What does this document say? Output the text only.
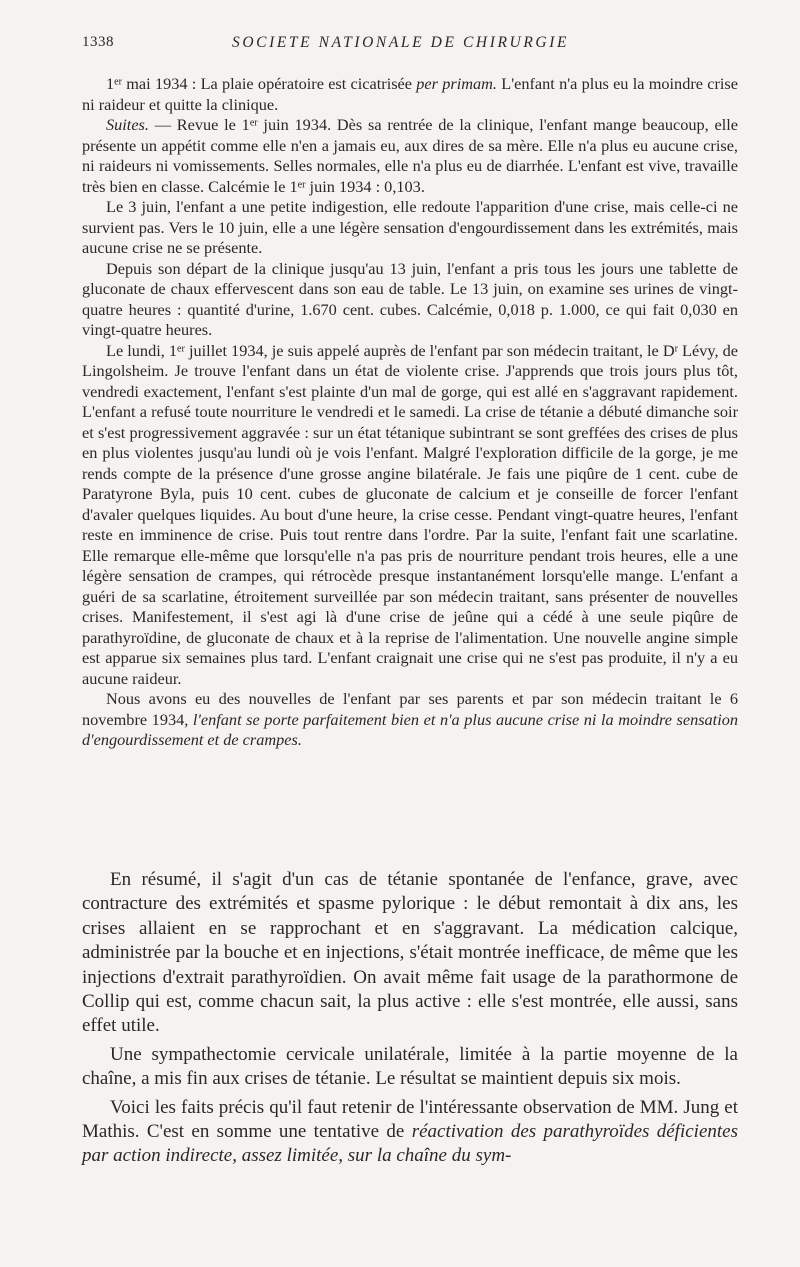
1338	SOCIETE NATIONALE DE CHIRURGIE

1er mai 1934 : La plaie opératoire est cicatrisée per primam. L'enfant n'a plus eu la moindre crise ni raideur et quitte la clinique.

Suites. — Revue le 1er juin 1934. Dès sa rentrée de la clinique, l'enfant mange beaucoup, elle présente un appétit comme elle n'en a jamais eu, aux dires de sa mère. Elle n'a plus eu aucune crise, ni raideurs ni vomissements. Selles normales, elle n'a plus eu de diarrhée. L'enfant est vive, travaille très bien en classe. Calcémie le 1er juin 1934 : 0,103.

Le 3 juin, l'enfant a une petite indigestion, elle redoute l'apparition d'une crise, mais celle-ci ne survient pas. Vers le 10 juin, elle a une légère sensation d'engourdissement dans les extrémités, mais aucune crise ne se présente.

Depuis son départ de la clinique jusqu'au 13 juin, l'enfant a pris tous les jours une tablette de gluconate de chaux effervescent dans son eau de table. Le 13 juin, on examine ses urines de vingt-quatre heures : quantité d'urine, 1.670 cent. cubes. Calcémie, 0,018 p. 1.000, ce qui fait 0,030 en vingt-quatre heures.

Le lundi, 1er juillet 1934, je suis appelé auprès de l'enfant par son médecin traitant, le $D^r$ Lévy, de Lingolsheim. Je trouve l'enfant dans un état de violente crise. J'apprends que trois jours plus tôt, vendredi exactement, l'enfant s'est plainte d'un mal de gorge, qui est allé en s'aggravant rapidement. L'enfant a refusé toute nourriture le vendredi et le samedi. La crise de tétanie a débuté dimanche soir et s'est progressivement aggravée : sur un état tétanique subintrant se sont greffées des crises de plus en plus violentes jusqu'au lundi où je vois l'enfant. Malgré l'exploration difficile de la gorge, je me rends compte de la présence d'une grosse angine bilatérale. Je fais une piqûre de 1 cent. cube de Paratyrone Byla, puis 10 cent. cubes de gluconate de calcium et je conseille de forcer l'enfant d'avaler quelques liquides. Au bout d'une heure, la crise cesse. Pendant vingt-quatre heures, l'enfant reste en imminence de crise. Puis tout rentre dans l'ordre. Par la suite, l'enfant fait une scarlatine. Elle remarque elle-même que lorsqu'elle n'a pas pris de nourriture pendant trois heures, elle a une légère sensation de crampes, qui rétrocède presque instantanément lorsqu'elle mange. L'enfant a guéri de sa scarlatine, étroitement surveillée par son médecin traitant, sans présenter de nouvelles crises. Manifestement, il s'est agi là d'une crise de jeûne qui a cédé à une seule piqûre de parathyroïdine, de gluconate de chaux et à la reprise de l'alimentation. Une nouvelle angine simple est apparue six semaines plus tard. L'enfant craignait une crise qui ne s'est pas produite, il n'y a eu aucune raideur.

Nous avons eu des nouvelles de l'enfant par ses parents et par son médecin traitant le 6 novembre 1934, l'enfant se porte parfaitement bien et n'a plus aucune crise ni la moindre sensation d'engourdissement et de crampes.

En résumé, il s'agit d'un cas de tétanie spontanée de l'enfance, grave, avec contracture des extrémités et spasme pylorique : le début remontait à dix ans, les crises allaient en se rapprochant et en s'aggravant. La médication calcique, administrée par la bouche et en injections, s'était montrée inefficace, de même que les injections d'extrait parathyroïdien. On avait même fait usage de la parathormone de Collip qui est, comme chacun sait, la plus active : elle s'est montrée, elle aussi, sans effet utile.

Une sympathectomie cervicale unilatérale, limitée à la partie moyenne de la chaîne, a mis fin aux crises de tétanie. Le résultat se maintient depuis six mois.

Voici les faits précis qu'il faut retenir de l'intéressante observation de MM. Jung et Mathis. C'est en somme une tentative de réactivation des parathyroïdes déficientes par action indirecte, assez limitée, sur la chaîne du sym-
